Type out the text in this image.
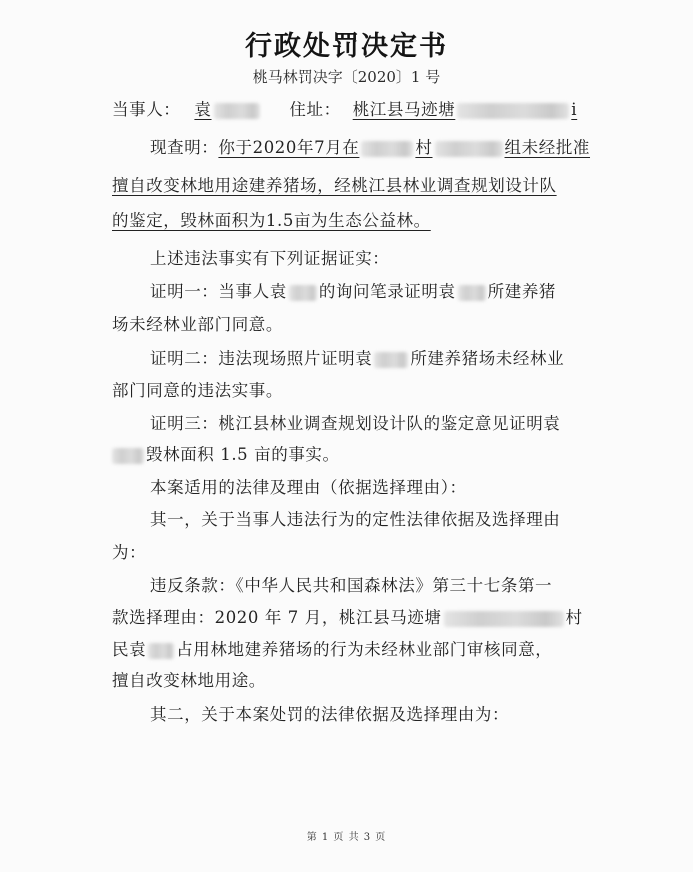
行政处罚决定书
桃马林罚决字〔2020〕1 号
当事人： 袁	住址： 桃江县马迹塘	i
现查明：你于2020年7月在	村	组未经批准
擅自改变林地用途建养猪场，经桃江县林业调查规划设计队
的鉴定，毁林面积为1.5亩为生态公益林。
上述违法事实有下列证据证实：
证明一：当事人袁 的询问笔录证明袁 所建养猪
场未经林业部门同意。
证明二：违法现场照片证明袁 所建养猪场未经林业
部门同意的违法实事。
证明三：桃江县林业调查规划设计队的鉴定意见证明袁
毁林面积 1.5 亩的事实。
本案适用的法律及理由（依据选择理由）：
其一，关于当事人违法行为的定性法律依据及选择理由
为：
违反条款：《中华人民共和国森林法》第三十七条第一
款选择理由：2020 年 7 月，桃江县马迹塘	村
民袁 占用林地建养猪场的行为未经林业部门审核同意，
擅自改变林地用途。
其二，关于本案处罚的法律依据及选择理由为：
第 1 页 共 3 页
